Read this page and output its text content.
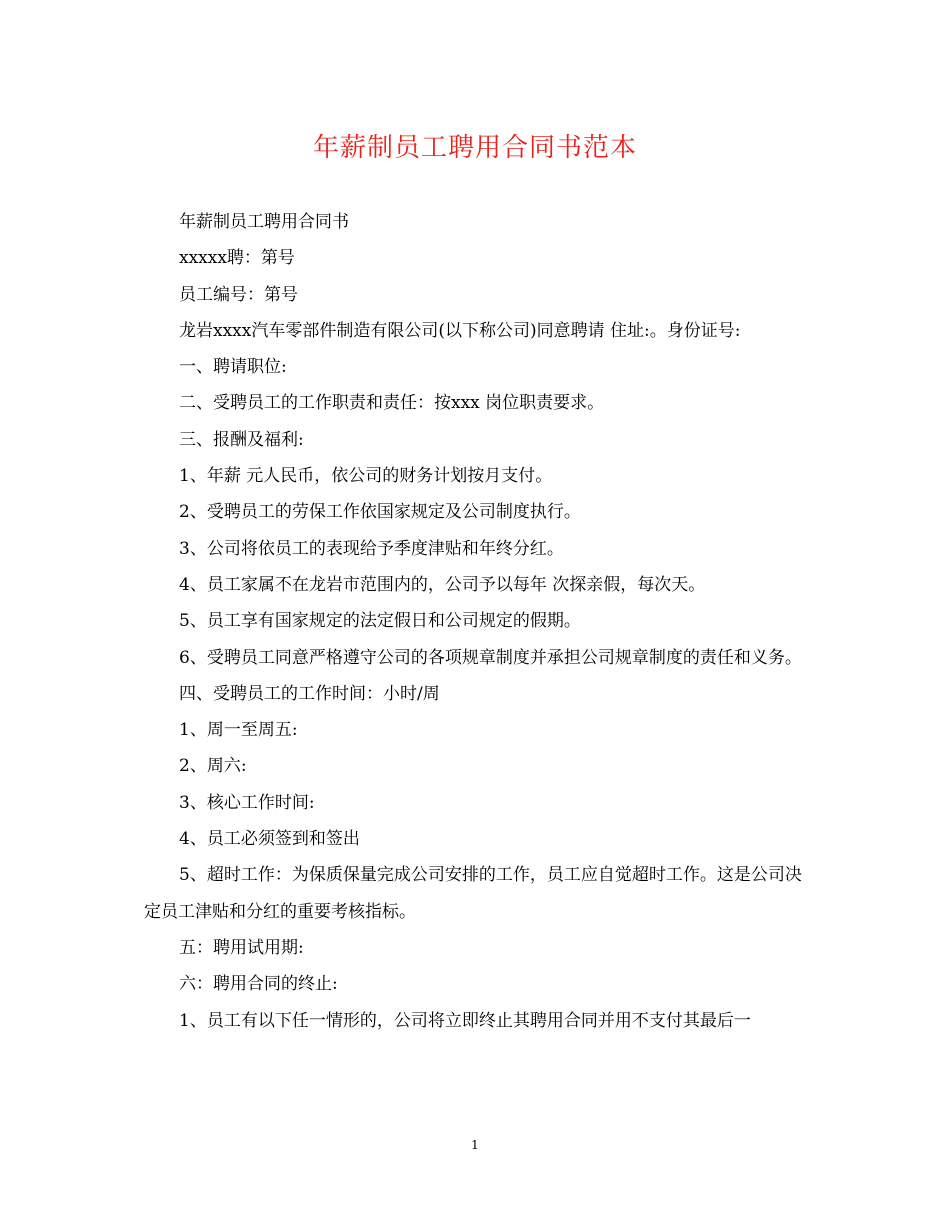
年薪制员工聘用合同书范本

年薪制员工聘用合同书

xxxxx聘：第号

员工编号：第号

龙岩xxxx汽车零部件制造有限公司(以下称公司)同意聘请 住址:。身份证号:

一、聘请职位:

二、受聘员工的工作职责和责任：按xxx 岗位职责要求。

三、报酬及福利:

1、年薪 元人民币，依公司的财务计划按月支付。

2、受聘员工的劳保工作依国家规定及公司制度执行。

3、公司将依员工的表现给予季度津贴和年终分红。

4、员工家属不在龙岩市范围内的，公司予以每年 次探亲假，每次天。

5、员工享有国家规定的法定假日和公司规定的假期。

6、受聘员工同意严格遵守公司的各项规章制度并承担公司规章制度的责任和义务。

四、受聘员工的工作时间：小时/周

1、周一至周五:

2、周六:

3、核心工作时间:

4、员工必须签到和签出

5、超时工作：为保质保量完成公司安排的工作，员工应自觉超时工作。这是公司决定员工津贴和分红的重要考核指标。

五：聘用试用期:

六：聘用合同的终止:

1、员工有以下任一情形的，公司将立即终止其聘用合同并用不支付其最后一

1
